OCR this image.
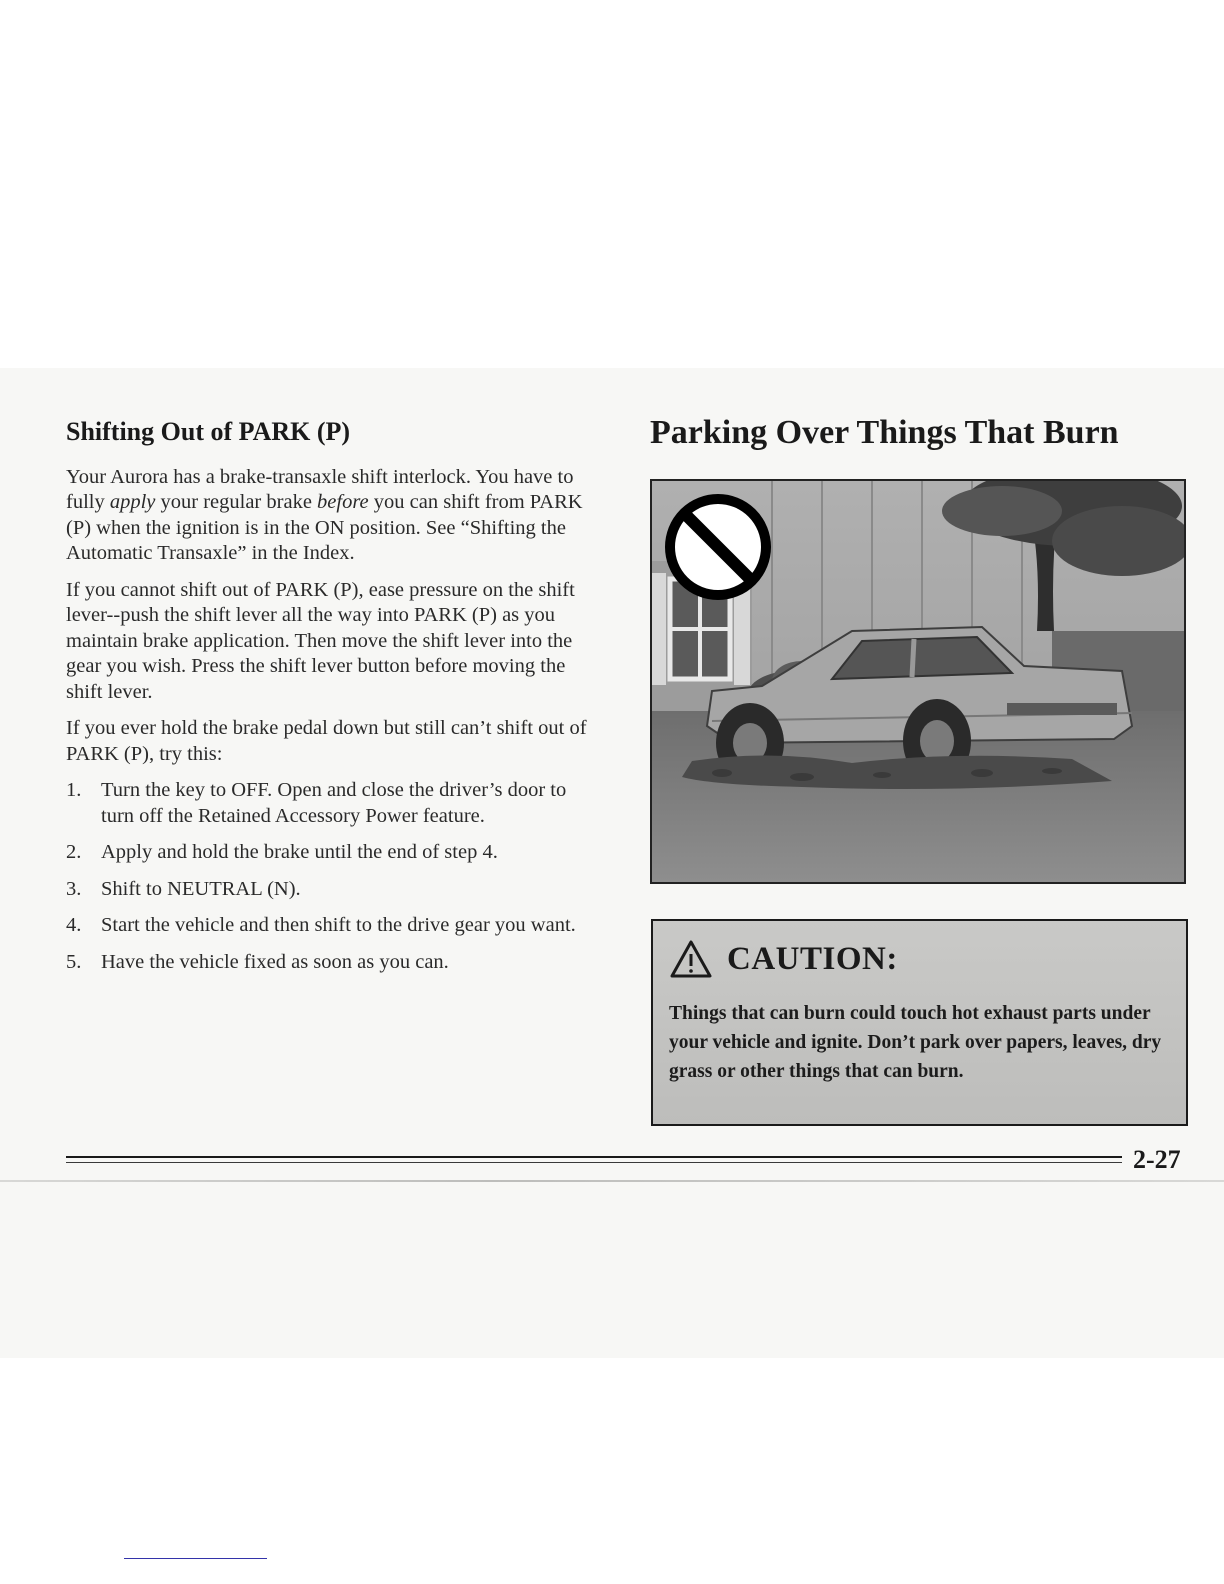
Shifting Out of PARK (P)

Your Aurora has a brake-transaxle shift interlock. You have to fully apply your regular brake before you can shift from PARK (P) when the ignition is in the ON position. See “Shifting the Automatic Transaxle” in the Index.

If you cannot shift out of PARK (P), ease pressure on the shift lever--push the shift lever all the way into PARK (P) as you maintain brake application. Then move the shift lever into the gear you wish. Press the shift lever button before moving the shift lever.

If you ever hold the brake pedal down but still can’t shift out of PARK (P), try this:

1. Turn the key to OFF. Open and close the driver’s door to turn off the Retained Accessory Power feature.
2. Apply and hold the brake until the end of step 4.
3. Shift to NEUTRAL (N).
4. Start the vehicle and then shift to the drive gear you want.
5. Have the vehicle fixed as soon as you can.
Parking Over Things That Burn
CAUTION:
Things that can burn could touch hot exhaust parts under your vehicle and ignite. Don’t park over papers, leaves, dry grass or other things that can burn.
2-27
